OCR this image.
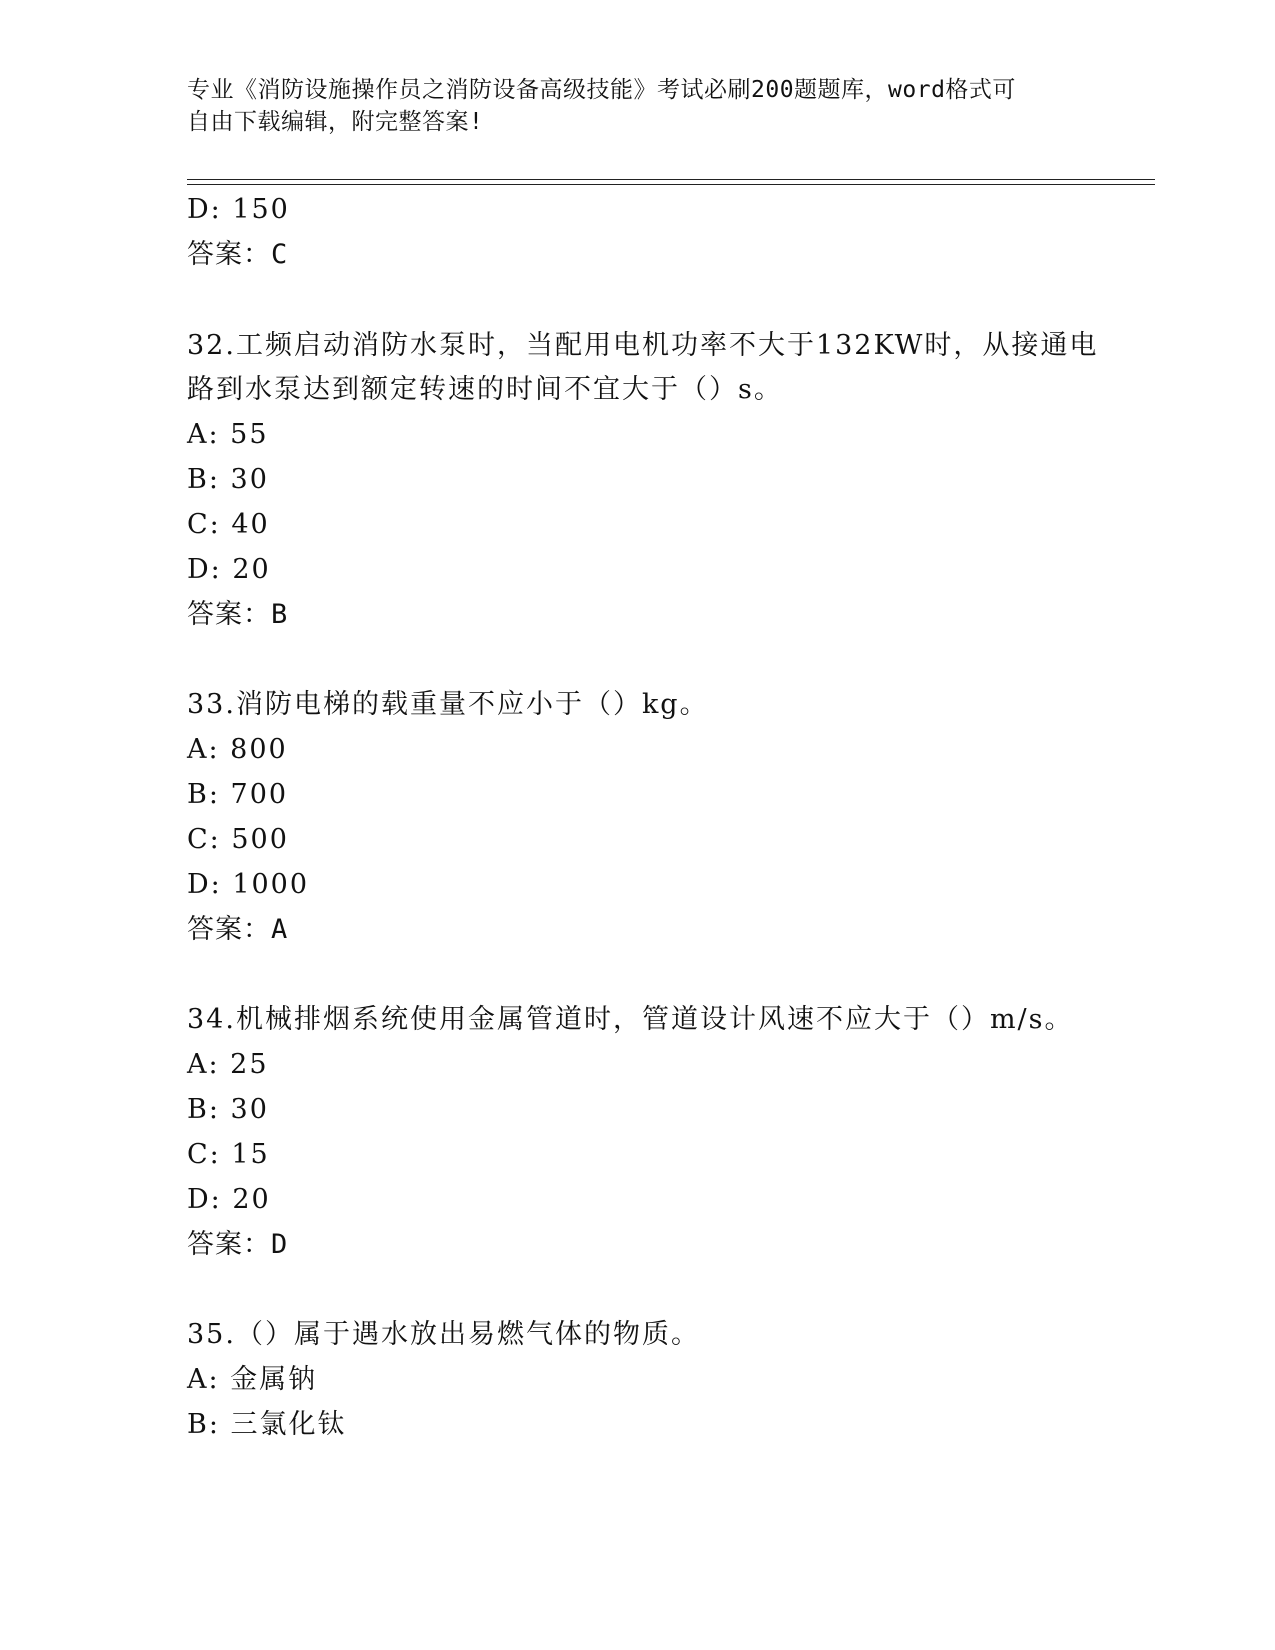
专业《消防设施操作员之消防设备高级技能》考试必刷200题题库，word格式可
自由下载编辑，附完整答案!
D: 150
答案：C
32.工频启动消防水泵时，当配用电机功率不大于132KW时，从接通电
路到水泵达到额定转速的时间不宜大于（）s。
A: 55
B: 30
C: 40
D: 20
答案：B
33.消防电梯的载重量不应小于（）kg。
A: 800
B: 700
C: 500
D: 1000
答案：A
34.机械排烟系统使用金属管道时，管道设计风速不应大于（）m/s。
A: 25
B: 30
C: 15
D: 20
答案：D
35.（）属于遇水放出易燃气体的物质。
A: 金属钠
B: 三氯化钛
